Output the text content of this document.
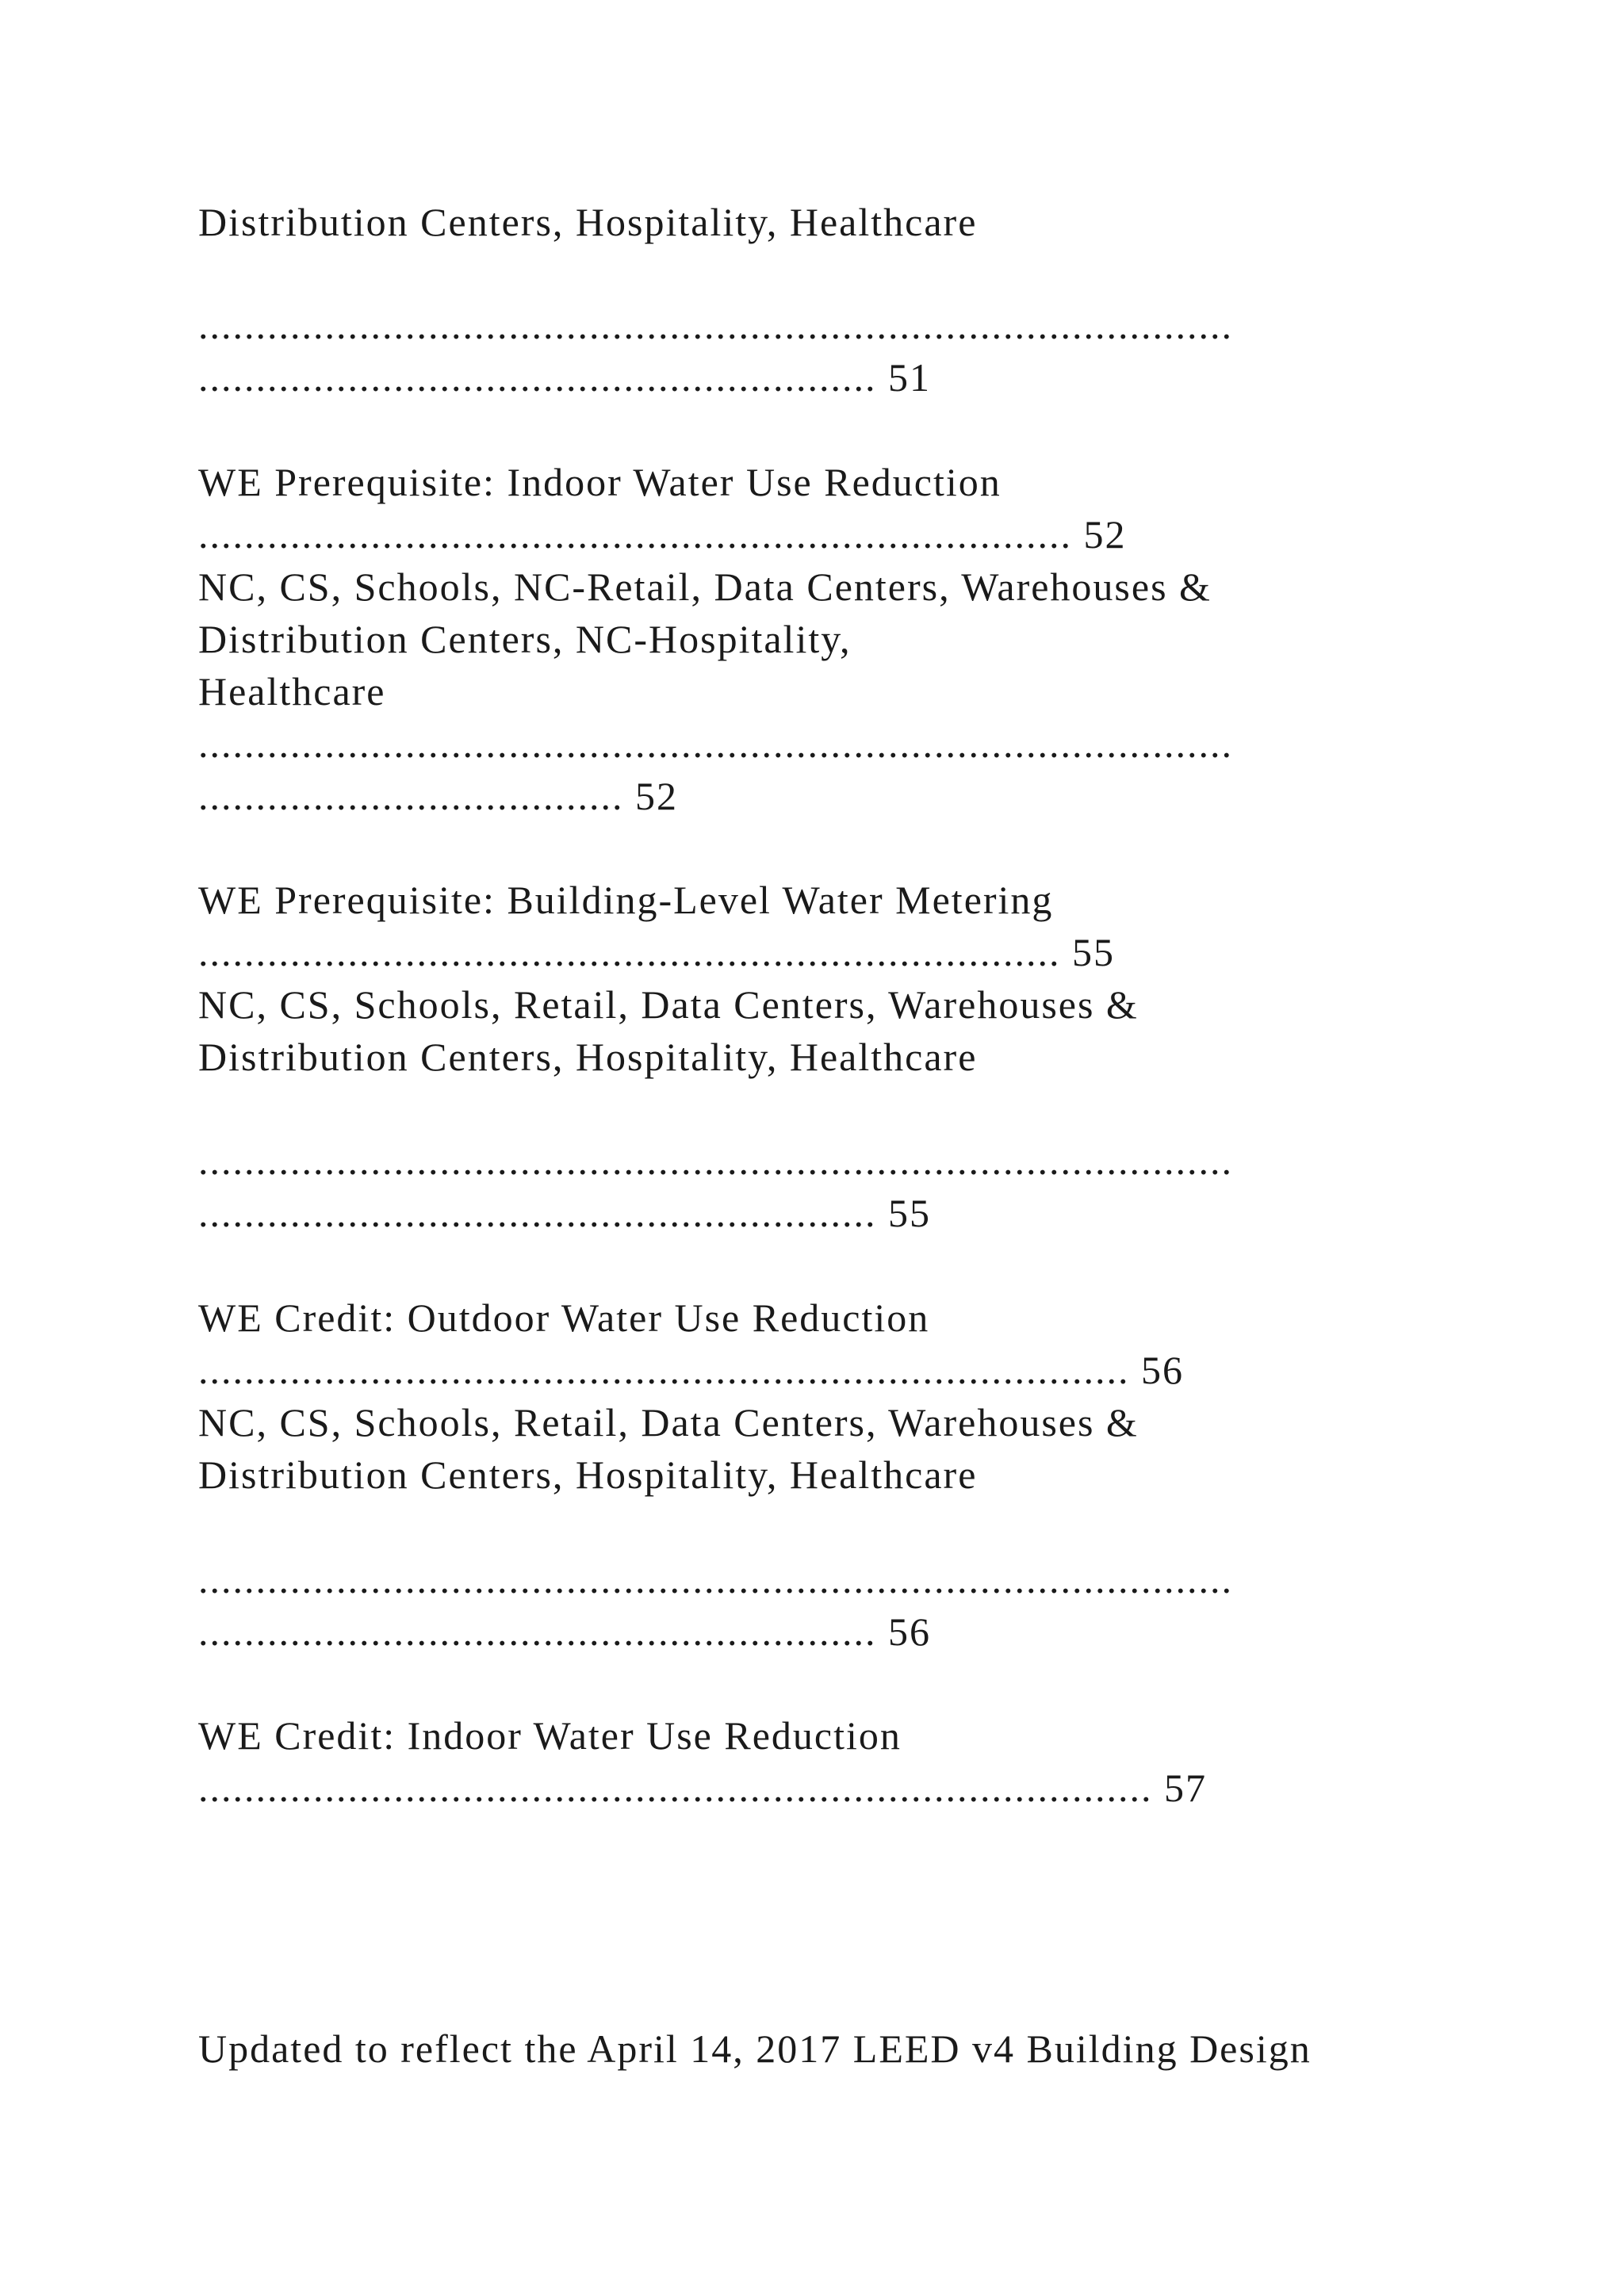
Distribution Centers, Hospitality, Healthcare
..........................................................................................
........................................................... 51
WE Prerequisite: Indoor Water Use Reduction
............................................................................ 52
NC, CS, Schools, NC-Retail, Data Centers, Warehouses &
Distribution Centers, NC-Hospitality,
Healthcare
..........................................................................................
..................................... 52
WE Prerequisite: Building-Level Water Metering
........................................................................... 55
NC, CS, Schools, Retail, Data Centers, Warehouses &
Distribution Centers, Hospitality, Healthcare
..........................................................................................
........................................................... 55
WE Credit: Outdoor Water Use Reduction
................................................................................. 56
NC, CS, Schools, Retail, Data Centers, Warehouses &
Distribution Centers, Hospitality, Healthcare
..........................................................................................
........................................................... 56
WE Credit: Indoor Water Use Reduction
................................................................................... 57
Updated to reflect the April 14, 2017 LEED v4 Building Design
